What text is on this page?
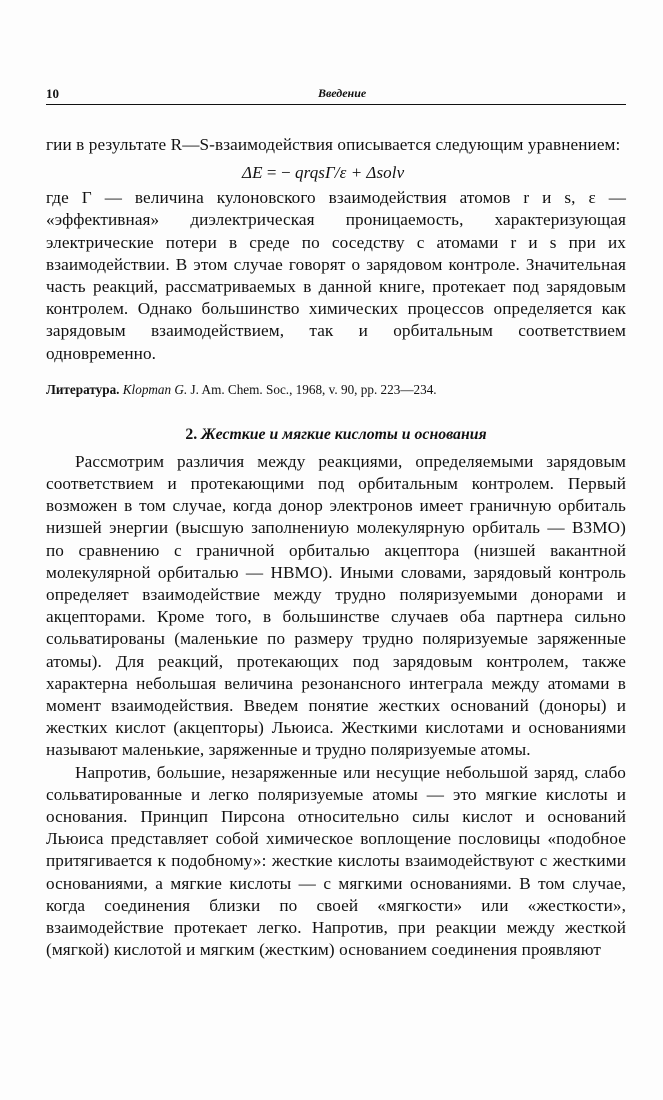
10	Введение

гии в результате R—S-взаимодействия описывается следующим уравнением:

ΔE = − qrqsΓ/ε + Δsolv

где Γ — величина кулоновского взаимодействия атомов r и s, ε — «эффективная» диэлектрическая проницаемость, характеризующая электрические потери в среде по соседству с атомами r и s при их взаимодействии. В этом случае говорят о зарядовом контроле. Значительная часть реакций, рассматриваемых в данной книге, протекает под зарядовым контролем. Однако большинство химических процессов определяется как зарядовым взаимодействием, так и орбитальным соответствием одновременно.

Литература. Klopman G. J. Am. Chem. Soc., 1968, v. 90, pp. 223—234.
2. Жесткие и мягкие кислоты и основания

Рассмотрим различия между реакциями, определяемыми зарядовым соответствием и протекающими под орбитальным контролем. Первый возможен в том случае, когда донор электронов имеет граничную орбиталь низшей энергии (высшую заполнениую молекулярную орбиталь — ВЗМО) по сравнению с граничной орбиталью акцептора (низшей вакантной молекулярной орбиталью — НВМО). Иными словами, зарядовый контроль определяет взаимодействие между трудно поляризуемыми донорами и акцепторами. Кроме того, в большинстве случаев оба партнера сильно сольватированы (маленькие по размеру трудно поляризуемые заряженные атомы). Для реакций, протекающих под зарядовым контролем, также характерна небольшая величина резонансного интеграла между атомами в момент взаимодействия. Введем понятие жестких оснований (доноры) и жестких кислот (акцепторы) Льюиса. Жесткими кислотами и основаниями называют маленькие, заряженные и трудно поляризуемые атомы.

Напротив, большие, незаряженные или несущие небольшой заряд, слабо сольватированные и легко поляризуемые атомы — это мягкие кислоты и основания. Принцип Пирсона относительно силы кислот и оснований Льюиса представляет собой химическое воплощение пословицы «подобное притягивается к подобному»: жесткие кислоты взаимодействуют с жесткими основаниями, а мягкие кислоты — с мягкими основаниями. В том случае, когда соединения близки по своей «мягкости» или «жесткости», взаимодействие протекает легко. Напротив, при реакции между жесткой (мягкой) кислотой и мягким (жестким) основанием соединения проявляют
